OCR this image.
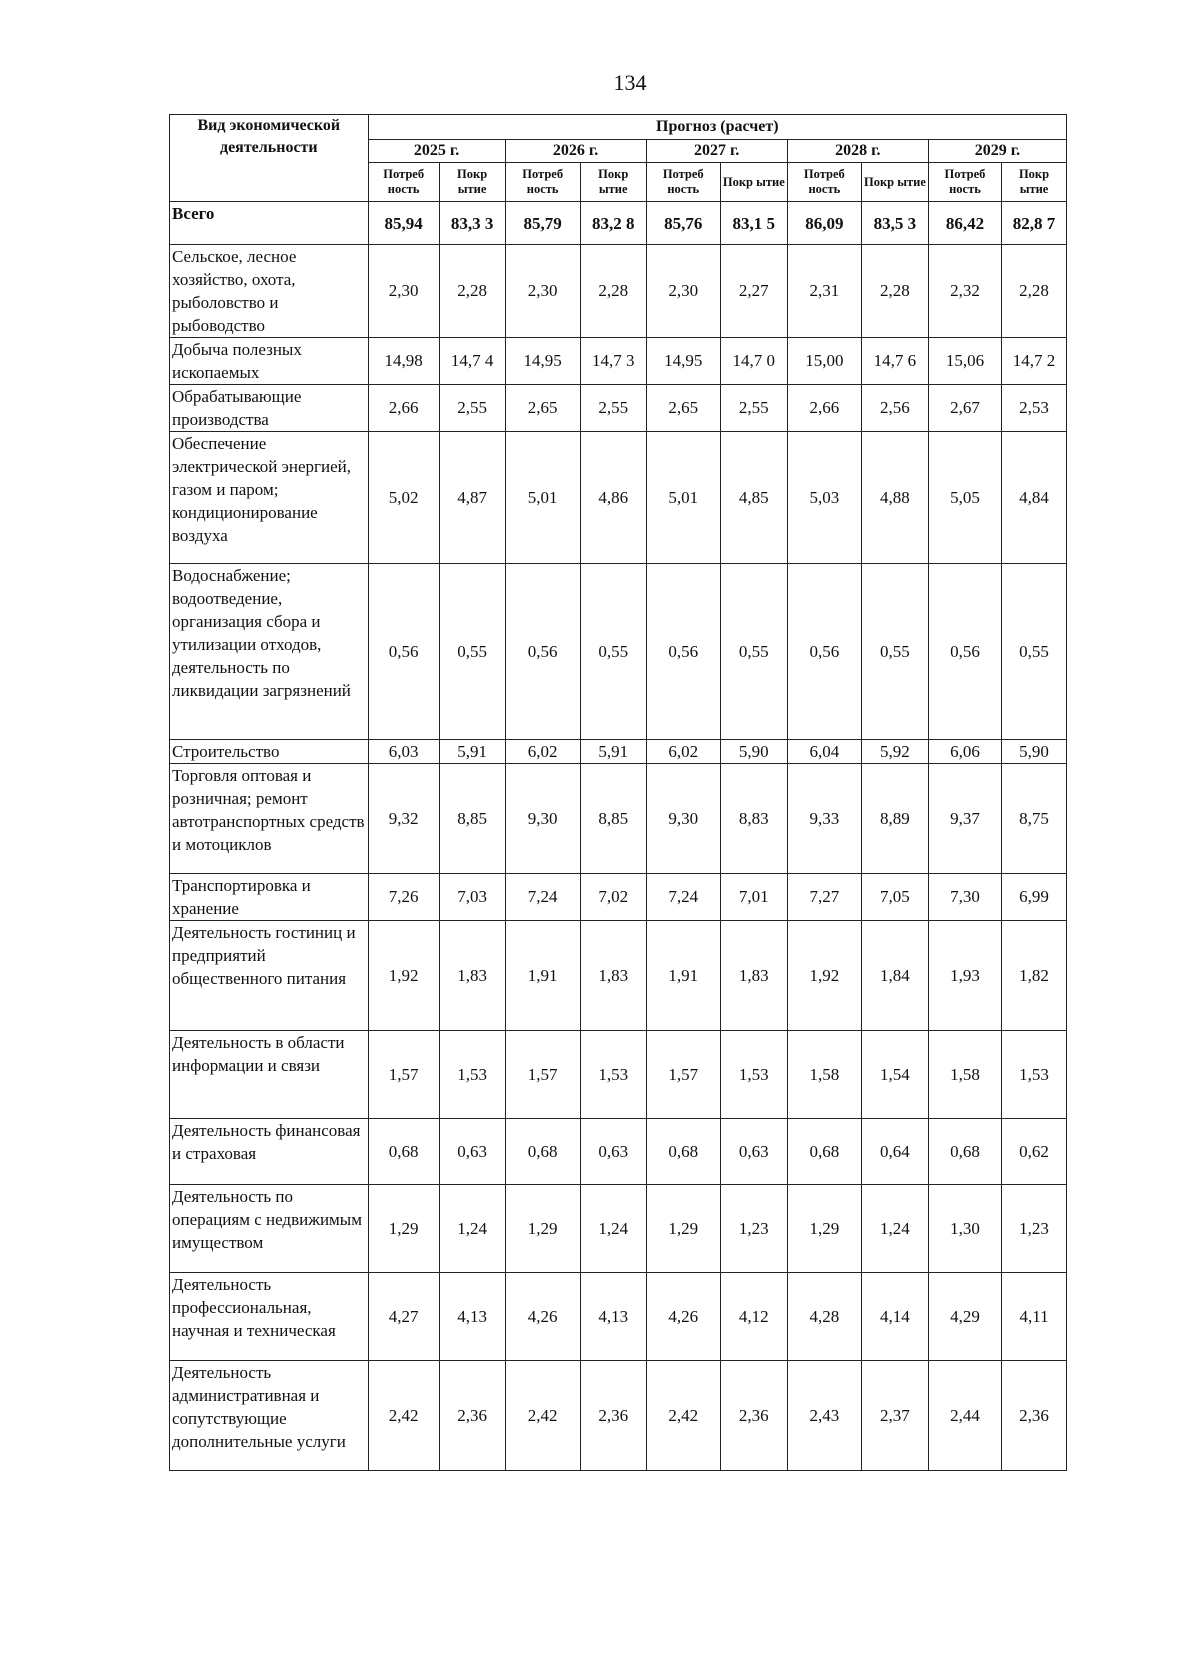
134
Вид экономической деятельности	Прогноз (расчет)									
	2025 г.		2026 г.		2027 г.		2028 г.		2029 г.	
	Потреб ность	Покр ытие	Потреб ность	Покр ытие	Потреб ность	Покр ытие	Потреб ность	Покр ытие	Потреб ность	Покр ытие
Всего	85,94	83,3 3	85,79	83,2 8	85,76	83,1 5	86,09	83,5 3	86,42	82,8 7
Сельское, лесное хозяйство, охота, рыболовство и рыбоводство	2,30	2,28	2,30	2,28	2,30	2,27	2,31	2,28	2,32	2,28
Добыча полезных ископаемых	14,98	14,7 4	14,95	14,7 3	14,95	14,7 0	15,00	14,7 6	15,06	14,7 2
Обрабатывающие производства	2,66	2,55	2,65	2,55	2,65	2,55	2,66	2,56	2,67	2,53
Обеспечение электрической энергией, газом и паром; кондиционирование воздуха	5,02	4,87	5,01	4,86	5,01	4,85	5,03	4,88	5,05	4,84
Водоснабжение; водоотведение, организация сбора и утилизации отходов, деятельность по ликвидации загрязнений	0,56	0,55	0,56	0,55	0,56	0,55	0,56	0,55	0,56	0,55
Строительство	6,03	5,91	6,02	5,91	6,02	5,90	6,04	5,92	6,06	5,90
Торговля оптовая и розничная; ремонт автотранспортных средств и мотоциклов	9,32	8,85	9,30	8,85	9,30	8,83	9,33	8,89	9,37	8,75
Транспортировка и хранение	7,26	7,03	7,24	7,02	7,24	7,01	7,27	7,05	7,30	6,99
Деятельность гостиниц и предприятий общественного питания	1,92	1,83	1,91	1,83	1,91	1,83	1,92	1,84	1,93	1,82
Деятельность в области информации и связи	1,57	1,53	1,57	1,53	1,57	1,53	1,58	1,54	1,58	1,53
Деятельность финансовая и страховая	0,68	0,63	0,68	0,63	0,68	0,63	0,68	0,64	0,68	0,62
Деятельность по операциям с недвижимым имуществом	1,29	1,24	1,29	1,24	1,29	1,23	1,29	1,24	1,30	1,23
Деятельность профессиональная, научная и техническая	4,27	4,13	4,26	4,13	4,26	4,12	4,28	4,14	4,29	4,11
Деятельность административная и сопутствующие дополнительные услуги	2,42	2,36	2,42	2,36	2,42	2,36	2,43	2,37	2,44	2,36
